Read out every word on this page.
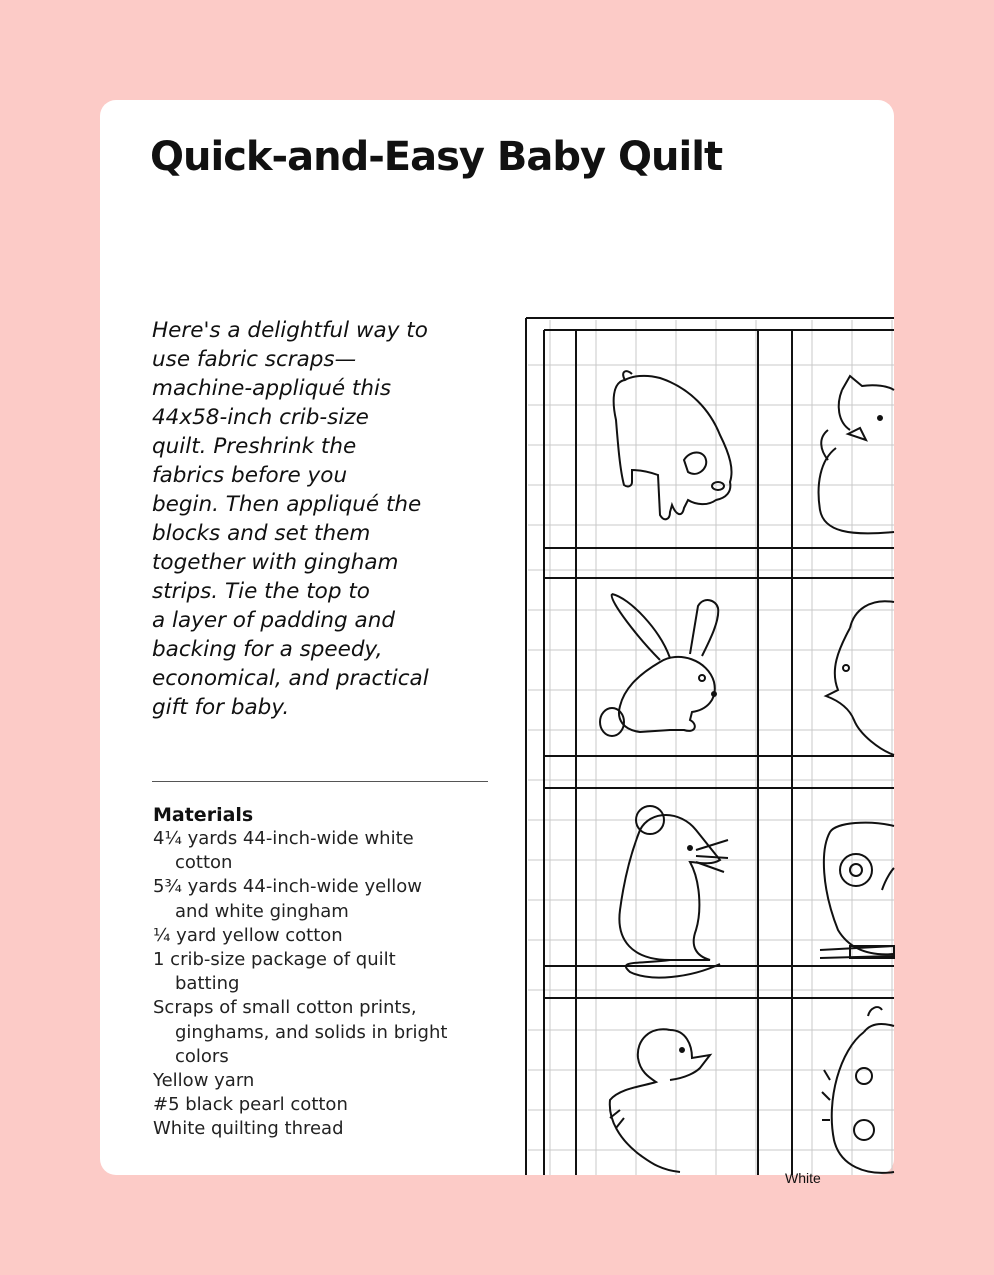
Quick-and-Easy Baby Quilt
Here's a delightful way to
use fabric scraps—
machine-appliqué this
44x58-inch crib-size
quilt. Preshrink the
fabrics before you
begin. Then appliqué the
blocks and set them
together with gingham
strips. Tie the top to
a layer of padding and
backing for a speedy,
economical, and practical
gift for baby.
Materials
4¼ yards 44-inch-wide white
cotton
5¾ yards 44-inch-wide yellow
and white gingham
¼ yard yellow cotton
1 crib-size package of quilt
batting
Scraps of small cotton prints,
ginghams, and solids in bright
colors
Yellow yarn
#5 black pearl cotton
White quilting thread
White
